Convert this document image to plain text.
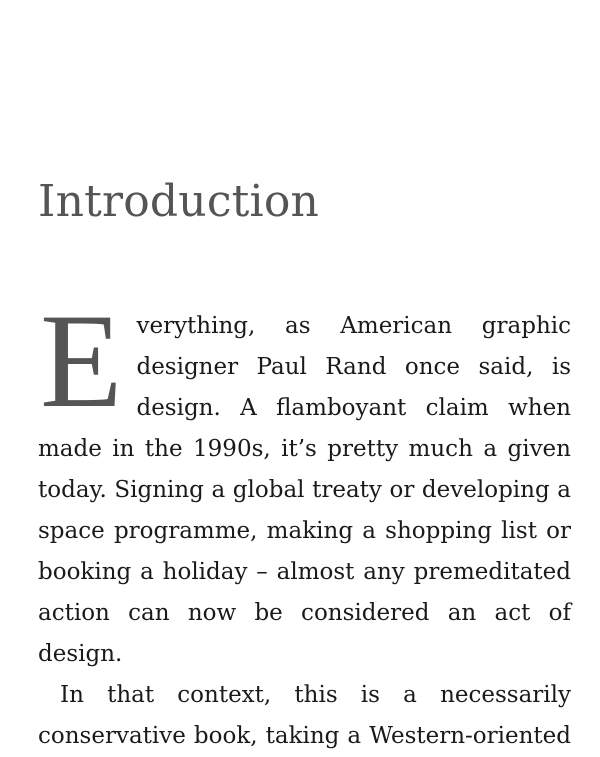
Introduction

Everything, as American graphic designer Paul Rand once said, is design. A flamboyant claim when made in the 1990s, it’s pretty much a given today. Signing a global treaty or developing a space programme, making a shopping list or booking a holiday – almost any premeditated action can now be considered an act of design.

In that context, this is a necessarily conservative book, taking a Western-oriented
